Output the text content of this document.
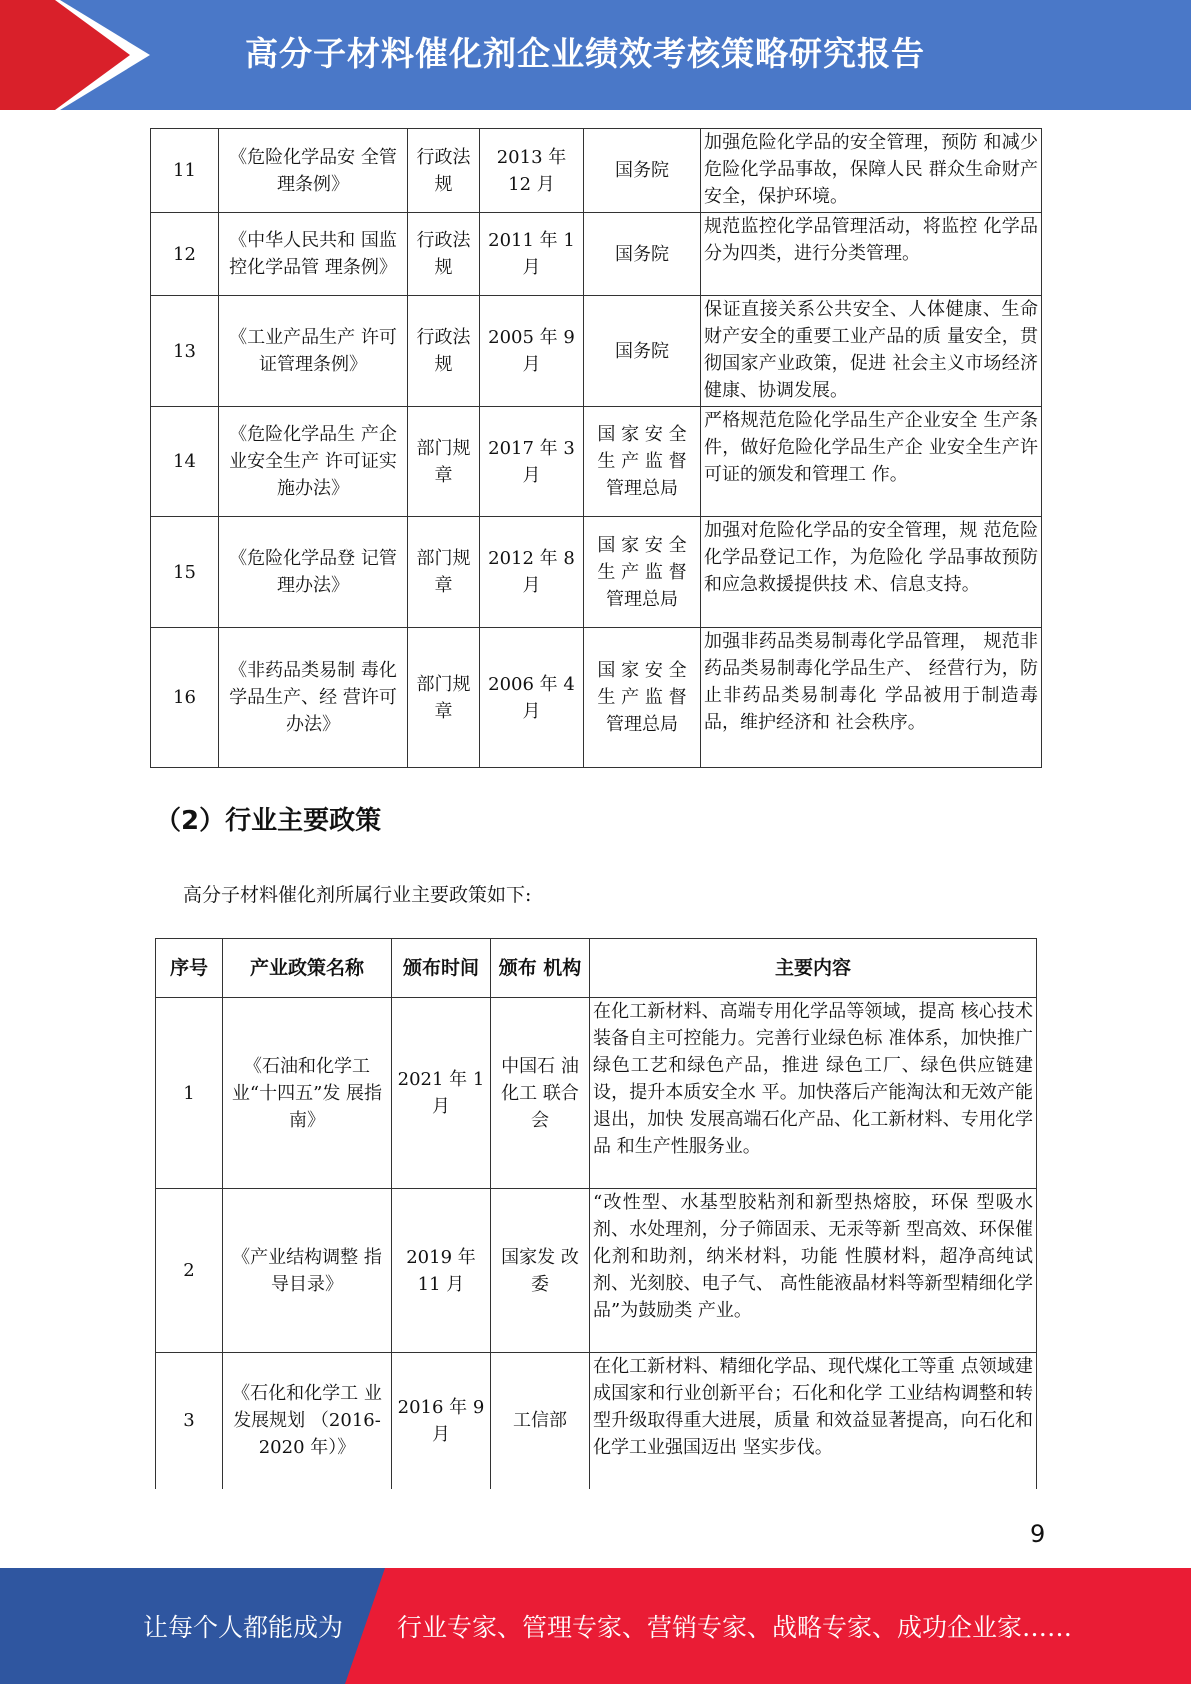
高分子材料催化剂企业绩效考核策略研究报告
11	《危险化学品安 全管理条例》	行政法规	2013 年 12 月	国务院	加强危险化学品的安全管理，预防 和减少危险化学品事故，保障人民 群众生命财产安全，保护环境。
12	《中华人民共和 国监控化学品管 理条例》	行政法规	2011 年 1 月	国务院	规范监控化学品管理活动，将监控 化学品分为四类，进行分类管理。
13	《工业产品生产 许可证管理条例》	行政法规	2005 年 9 月	国务院	保证直接关系公共安全、人体健康、生命财产安全的重要工业产品的质 量安全，贯彻国家产业政策，促进 社会主义市场经济健康、协调发展。
14	《危险化学品生 产企业安全生产 许可证实施办法》	部门规章	2017 年 3 月	国 家 安 全 生 产 监 督 管理总局	严格规范危险化学品生产企业安全 生产条件，做好危险化学品生产企 业安全生产许可证的颁发和管理工 作。
15	《危险化学品登 记管理办法》	部门规章	2012 年 8 月	国 家 安 全 生 产 监 督 管理总局	加强对危险化学品的安全管理，规 范危险化学品登记工作，为危险化 学品事故预防和应急救援提供技 术、信息支持。
16	《非药品类易制 毒化学品生产、经 营许可办法》	部门规章	2006 年 4 月	国 家 安 全 生 产 监 督 管理总局	加强非药品类易制毒化学品管理， 规范非药品类易制毒化学品生产、 经营行为，防止非药品类易制毒化 学品被用于制造毒品，维护经济和 社会秩序。
（2）行业主要政策
高分子材料催化剂所属行业主要政策如下:
序号	产业政策名称	颁布时间	颁布 机构	主要内容
1	《石油和化学工 业“十四五”发 展指南》	2021 年 1 月	中国石 油化工 联合会	在化工新材料、高端专用化学品等领域，提高 核心技术装备自主可控能力。完善行业绿色标 准体系，加快推广绿色工艺和绿色产品，推进 绿色工厂、绿色供应链建设，提升本质安全水 平。加快落后产能淘汰和无效产能退出，加快 发展高端石化产品、化工新材料、专用化学品 和生产性服务业。
2	《产业结构调整 指导目录》	2019 年 11 月	国家发 改委	“改性型、水基型胶粘剂和新型热熔胶，环保 型吸水剂、水处理剂，分子筛固汞、无汞等新 型高效、环保催化剂和助剂，纳米材料，功能 性膜材料，超净高纯试剂、光刻胶、电子气、 高性能液晶材料等新型精细化学品”为鼓励类 产业。
3	《石化和化学工 业发展规划 （2016-2020 年）》	2016 年 9 月	工信部	在化工新材料、精细化学品、现代煤化工等重 点领域建成国家和行业创新平台；石化和化学 工业结构调整和转型升级取得重大进展，质量 和效益显著提高，向石化和化学工业强国迈出 坚实步伐。
9
让每个人都能成为 行业专家、管理专家、营销专家、战略专家、成功企业家……
